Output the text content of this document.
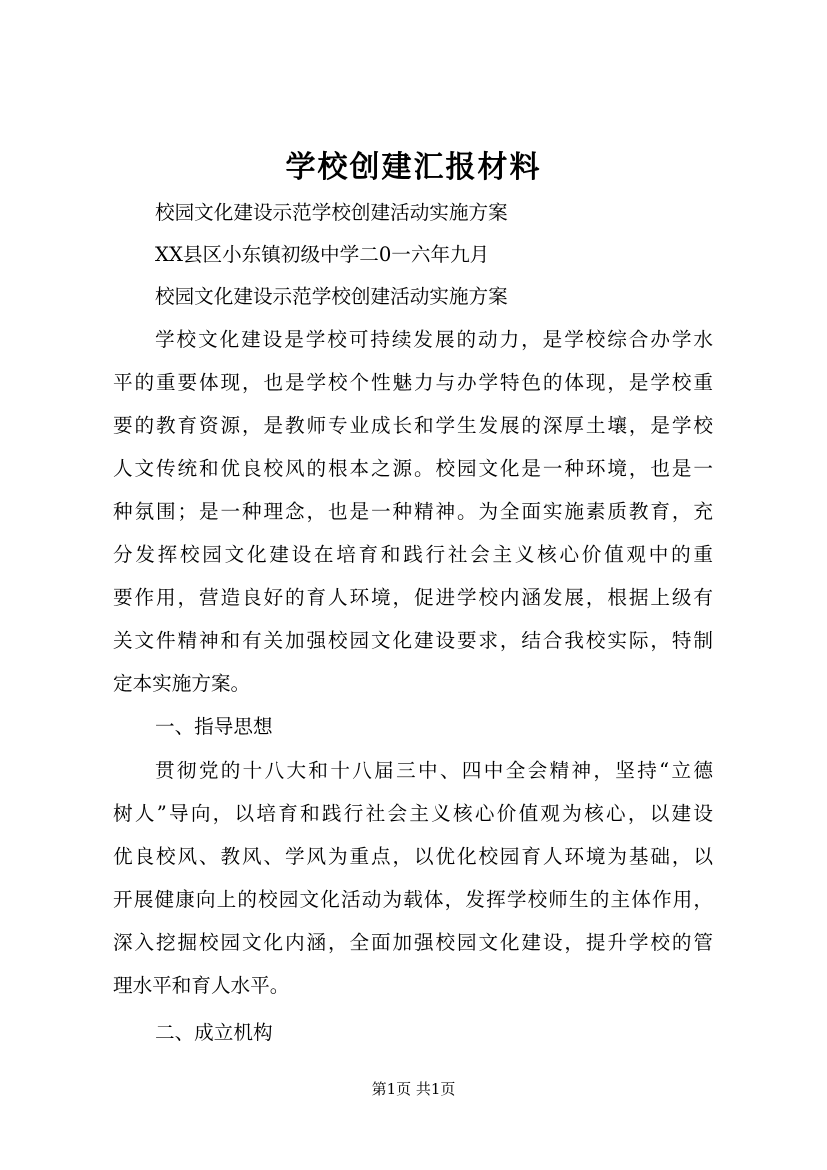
学校创建汇报材料
校园文化建设示范学校创建活动实施方案
XX县区小东镇初级中学二0一六年九月
校园文化建设示范学校创建活动实施方案
学校文化建设是学校可持续发展的动力，是学校综合办学水
平的重要体现，也是学校个性魅力与办学特色的体现，是学校重
要的教育资源，是教师专业成长和学生发展的深厚土壤，是学校
人文传统和优良校风的根本之源。校园文化是一种环境，也是一
种氛围；是一种理念，也是一种精神。为全面实施素质教育，充
分发挥校园文化建设在培育和践行社会主义核心价值观中的重
要作用，营造良好的育人环境，促进学校内涵发展，根据上级有
关文件精神和有关加强校园文化建设要求，结合我校实际，特制
定本实施方案。
一、指导思想
贯彻党的十八大和十八届三中、四中全会精神，坚持“立德
树人”导向，以培育和践行社会主义核心价值观为核心，以建设
优良校风、教风、学风为重点，以优化校园育人环境为基础，以
开展健康向上的校园文化活动为载体，发挥学校师生的主体作用，
深入挖掘校园文化内涵，全面加强校园文化建设，提升学校的管
理水平和育人水平。
二、成立机构
第1页 共1页
